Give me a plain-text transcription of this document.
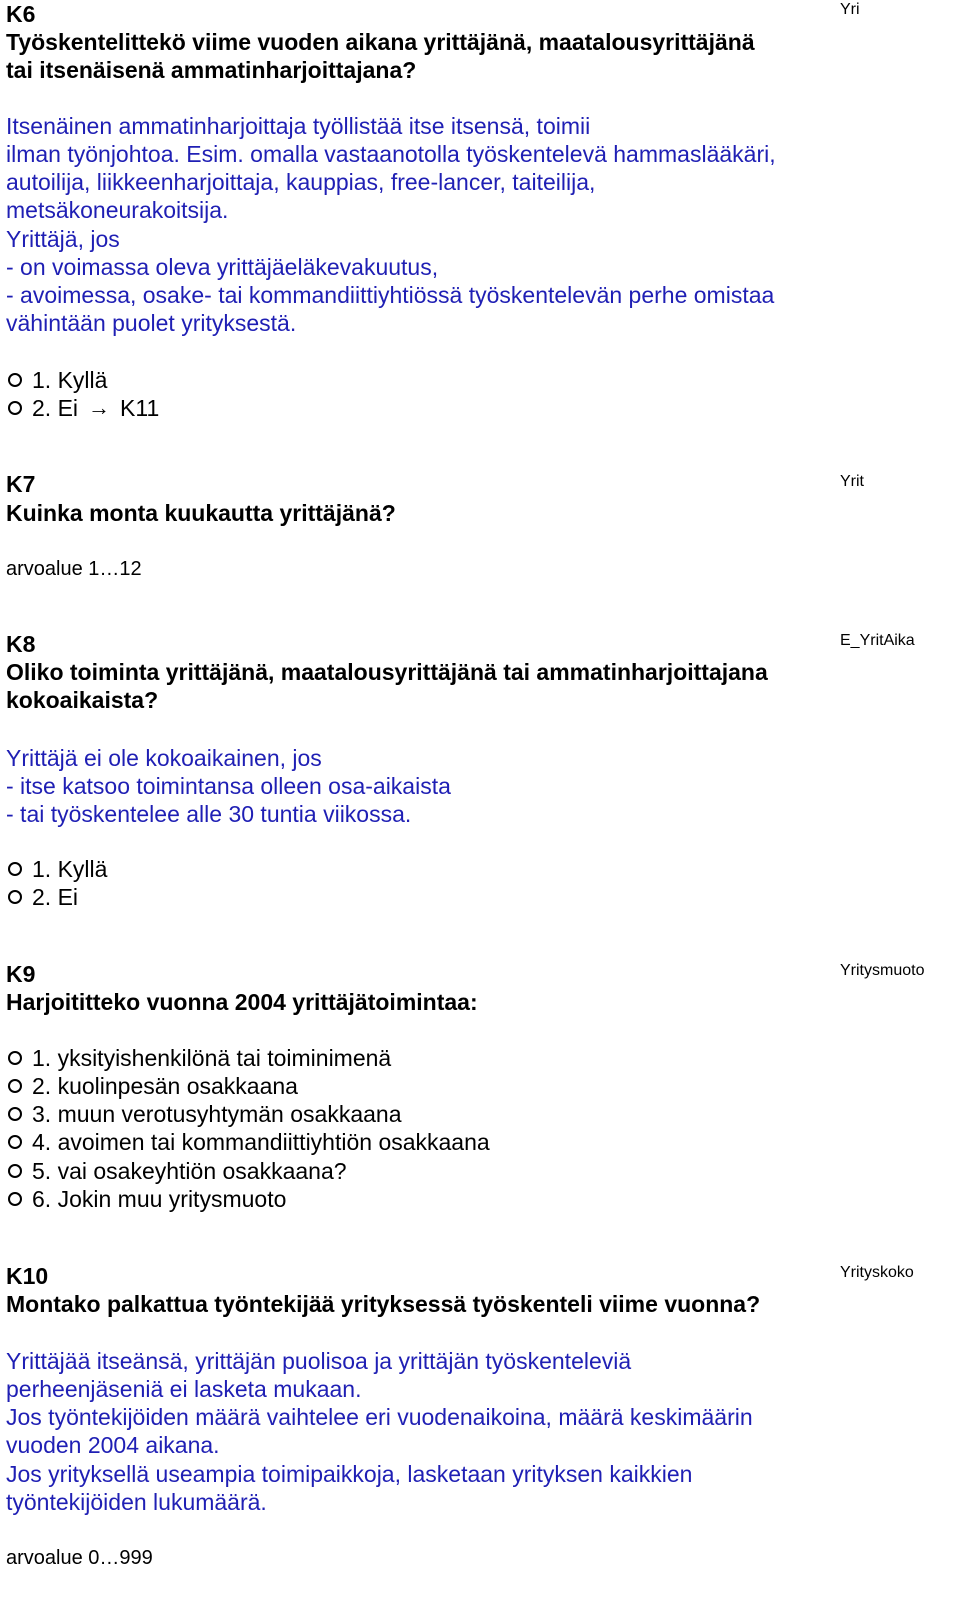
K6	Yri
Työskentelittekö viime vuoden aikana yrittäjänä, maatalousyrittäjänä
tai itsenäisenä ammatinharjoittajana?
Itsenäinen ammatinharjoittaja työllistää itse itsensä, toimii
ilman työnjohtoa. Esim. omalla vastaanotolla työskentelevä hammaslääkäri,
autoilija, liikkeenharjoittaja, kauppias, free-lancer, taiteilija,
metsäkoneurakoitsija.
Yrittäjä, jos
- on voimassa oleva yrittäjäeläkevakuutus,
- avoimessa, osake- tai kommandiittiyhtiössä työskentelevän perhe omistaa
vähintään puolet yrityksestä.
1. Kyllä
2. Ei → K11
K7	Yrit
Kuinka monta kuukautta yrittäjänä?
arvoalue 1…12
K8	E_YritAika
Oliko toiminta yrittäjänä, maatalousyrittäjänä tai ammatinharjoittajana
kokoaikaista?
Yrittäjä ei ole kokoaikainen, jos
- itse katsoo toimintansa olleen osa-aikaista
- tai työskentelee alle 30 tuntia viikossa.
1. Kyllä
2. Ei
K9	Yritysmuoto
Harjoititteko vuonna 2004 yrittäjätoimintaa:
1. yksityishenkilönä tai toiminimenä
2. kuolinpesän osakkaana
3. muun verotusyhtymän osakkaana
4. avoimen tai kommandiittiyhtiön osakkaana
5. vai osakeyhtiön osakkaana?
6. Jokin muu yritysmuoto
K10	Yrityskoko
Montako palkattua työntekijää yrityksessä työskenteli viime vuonna?
Yrittäjää itseänsä, yrittäjän puolisoa ja yrittäjän työskenteleviä
perheenjäseniä ei lasketa mukaan.
Jos työntekijöiden määrä vaihtelee eri vuodenaikoina, määrä keskimäärin
vuoden 2004 aikana.
Jos yrityksellä useampia toimipaikkoja, lasketaan yrityksen kaikkien
työntekijöiden lukumäärä.
arvoalue 0…999
